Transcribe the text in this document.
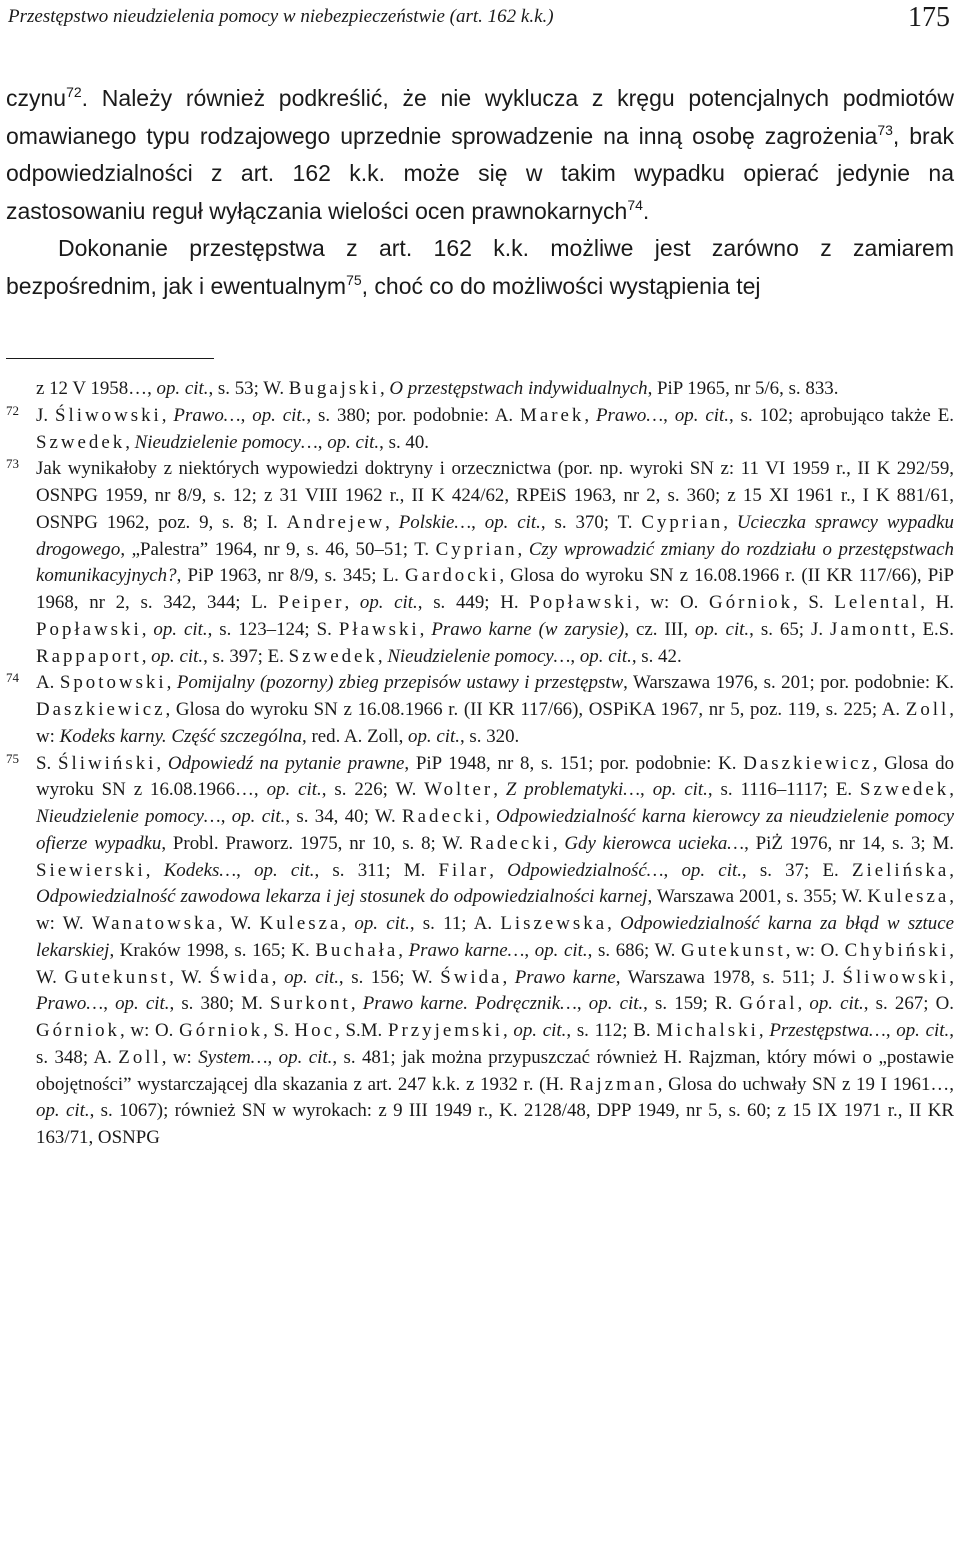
Przestępstwo nieudzielenia pomocy w niebezpieczeństwie (art. 162 k.k.)	175

czynu$^{72}$. Należy również podkreślić, że nie wyklucza z kręgu potencjalnych podmiotów omawianego typu rodzajowego uprzednie sprowadzenie na inną osobę zagrożenia$^{73}$, brak odpowiedzialności z art. 162 k.k. może się w takim wypadku opierać jedynie na zastosowaniu reguł wyłączania wielości ocen prawnokarnych$^{74}$.

Dokonanie przestępstwa z art. 162 k.k. możliwe jest zarówno z zamiarem bezpośrednim, jak i ewentualnym$^{75}$, choć co do możliwości wystąpienia tej

z 12 V 1958…, op. cit., s. 53; W. Bugajski, O przestępstwach indywidualnych, PiP 1965, nr 5/6, s. 833.
72 J. Śliwowski, Prawo…, op. cit., s. 380; por. podobnie: A. Marek, Prawo…, op. cit., s. 102; aprobująco także E. Szwedek, Nieudzielenie pomocy…, op. cit., s. 40.
73 Jak wynikałoby z niektórych wypowiedzi doktryny i orzecznictwa (por. np. wyroki SN z: 11 VI 1959 r., II K 292/59, OSNPG 1959, nr 8/9, s. 12; z 31 VIII 1962 r., II K 424/62, RPEiS 1963, nr 2, s. 360; z 15 XI 1961 r., I K 881/61, OSNPG 1962, poz. 9, s. 8; I. Andrejew, Polskie…, op. cit., s. 370; T. Cyprian, Ucieczka sprawcy wypadku drogowego, „Palestra” 1964, nr 9, s. 46, 50–51; T. Cyprian, Czy wprowadzić zmiany do rozdziału o przestępstwach komunikacyjnych?, PiP 1963, nr 8/9, s. 345; L. Gardocki, Glosa do wyroku SN z 16.08.1966 r. (II KR 117/66), PiP 1968, nr 2, s. 342, 344; L. Peiper, op. cit., s. 449; H. Popławski, w: O. Górniok, S. Lelental, H. Popławski, op. cit., s. 123–124; S. Pławski, Prawo karne (w zarysie), cz. III, op. cit., s. 65; J. Jamontt, E.S. Rappaport, op. cit., s. 397; E. Szwedek, Nieudzielenie pomocy…, op. cit., s. 42.
74 A. Spotowski, Pomijalny (pozorny) zbieg przepisów ustawy i przestępstw, Warszawa 1976, s. 201; por. podobnie: K. Daszkiewicz, Glosa do wyroku SN z 16.08.1966 r. (II KR 117/66), OSPiKA 1967, nr 5, poz. 119, s. 225; A. Zoll, w: Kodeks karny. Część szczególna, red. A. Zoll, op. cit., s. 320.
75 S. Śliwiński, Odpowiedź na pytanie prawne, PiP 1948, nr 8, s. 151; por. podobnie: K. Daszkiewicz, Glosa do wyroku SN z 16.08.1966…, op. cit., s. 226; W. Wolter, Z problematyki…, op. cit., s. 1116–1117; E. Szwedek, Nieudzielenie pomocy…, op. cit., s. 34, 40; W. Radecki, Odpowiedzialność karna kierowcy za nieudzielenie pomocy ofierze wypadku, Probl. Praworz. 1975, nr 10, s. 8; W. Radecki, Gdy kierowca ucieka…, PiŻ 1976, nr 14, s. 3; M. Siewierski, Kodeks…, op. cit., s. 311; M. Filar, Odpowiedzialność…, op. cit., s. 37; E. Zielińska, Odpowiedzialność zawodowa lekarza i jej stosunek do odpowiedzialności karnej, Warszawa 2001, s. 355; W. Kulesza, w: W. Wanatowska, W. Kulesza, op. cit., s. 11; A. Liszewska, Odpowiedzialność karna za błąd w sztuce lekarskiej, Kraków 1998, s. 165; K. Buchała, Prawo karne…, op. cit., s. 686; W. Gutekunst, w: O. Chybiński, W. Gutekunst, W. Świda, op. cit., s. 156; W. Świda, Prawo karne, Warszawa 1978, s. 511; J. Śliwowski, Prawo…, op. cit., s. 380; M. Surkont, Prawo karne. Podręcznik…, op. cit., s. 159; R. Góral, op. cit., s. 267; O. Górniok, w: O. Górniok, S. Hoc, S.M. Przyjemski, op. cit., s. 112; B. Michalski, Przestępstwa…, op. cit., s. 348; A. Zoll, w: System…, op. cit., s. 481; jak można przypuszczać również H. Rajzman, który mówi o „postawie obojętności” wystarczającej dla skazania z art. 247 k.k. z 1932 r. (H. Rajzman, Glosa do uchwały SN z 19 I 1961…, op. cit., s. 1067); również SN w wyrokach: z 9 III 1949 r., K. 2128/48, DPP 1949, nr 5, s. 60; z 15 IX 1971 r., II KR 163/71, OSNPG
